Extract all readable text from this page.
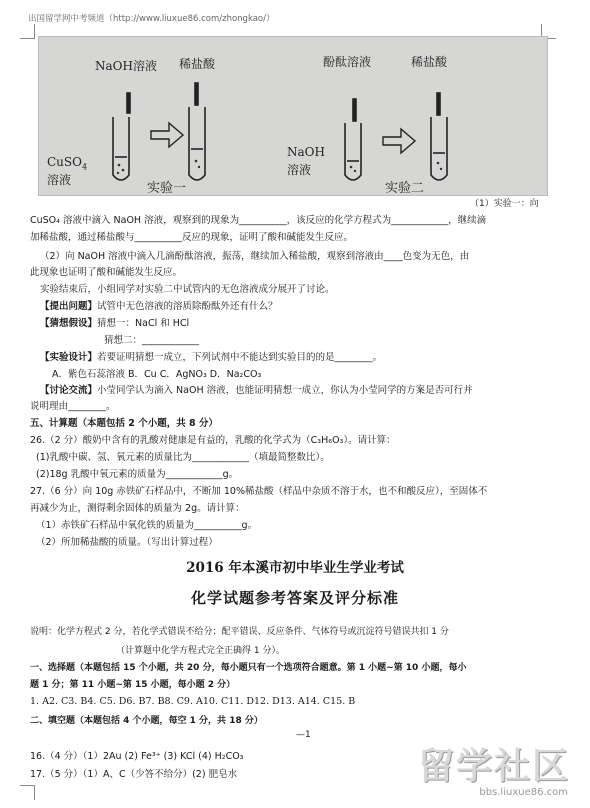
出国留学网中考频道（http://www.liuxue86.com/zhongkao/）
NaOH溶液 稀盐酸
CuSO$_4$
溶液
实验一
酚酞溶液	稀盐酸
NaOH
溶液
实验二
（1）实验一：向
CuSO₄ 溶液中滴入 NaOH 溶液，观察到的现象为__________，该反应的化学方程式为____________，继续滴
加稀盐酸，通过稀盐酸与__________反应的现象，证明了酸和碱能发生反应。
（2）向 NaOH 溶液中滴入几滴酚酞溶液，振荡，继续加入稀盐酸，观察到溶液由____色变为无色，由
此现象也证明了酸和碱能发生反应。
实验结束后，小组同学对实验二中试管内的无色溶液成分展开了讨论。
【提出问题】试管中无色溶液的溶质除酚酞外还有什么？
【猜想假设】猜想一：NaCl 和 HCl
猜想二：____________
【实验设计】若要证明猜想一成立，下列试剂中不能达到实验目的的是________。
A．紫色石蕊溶液 B．Cu C．AgNO₃ D．Na₂CO₃
【讨论交流】小莹同学认为滴入 NaOH 溶液，也能证明猜想一成立，你认为小莹同学的方案是否可行并
说明理由________。
五、计算题（本题包括 2 个小题，共 8 分）
26.（2 分）酸奶中含有的乳酸对健康是有益的，乳酸的化学式为（C₃H₆O₃）。请计算：
(1)乳酸中碳、氢、氧元素的质量比为____________（填最简整数比）。
(2)18g 乳酸中氧元素的质量为____________g。
27.（6 分）向 10g 赤铁矿石样品中，不断加 10%稀盐酸（样品中杂质不溶于水，也不和酸反应），至固体不
再减少为止，测得剩余固体的质量为 2g。请计算：
（1）赤铁矿石样品中氧化铁的质量为__________g。
（2）所加稀盐酸的质量。（写出计算过程）
2016 年本溪市初中毕业生学业考试
化学试题参考答案及评分标准
说明：化学方程式 2 分，若化学式错误不给分；配平错误、反应条件、气体符号或沉淀符号错误共扣 1 分
（计算题中化学方程式完全正确得 1 分）。
一、选择题（本题包括 15 个小题，共 20 分，每小题只有一个选项符合题意。第 1 小题~第 10 小题，每小
题 1 分；第 11 小题~第 15 小题，每小题 2 分）
1. A2. C3. B4. C5. D6. B7. B8. C9. A10. C11. D12. D13. A14. C15. B
二、填空题（本题包括 4 个小题，每空 1 分，共 18 分）
—1
16.（4 分）（1）2Au (2) Fe³⁺ (3) KCl (4) H₂CO₃
17.（5 分）（1）A、C（少答不给分）(2) 肥皂水	留学社区
bbs.liuxue86.com
